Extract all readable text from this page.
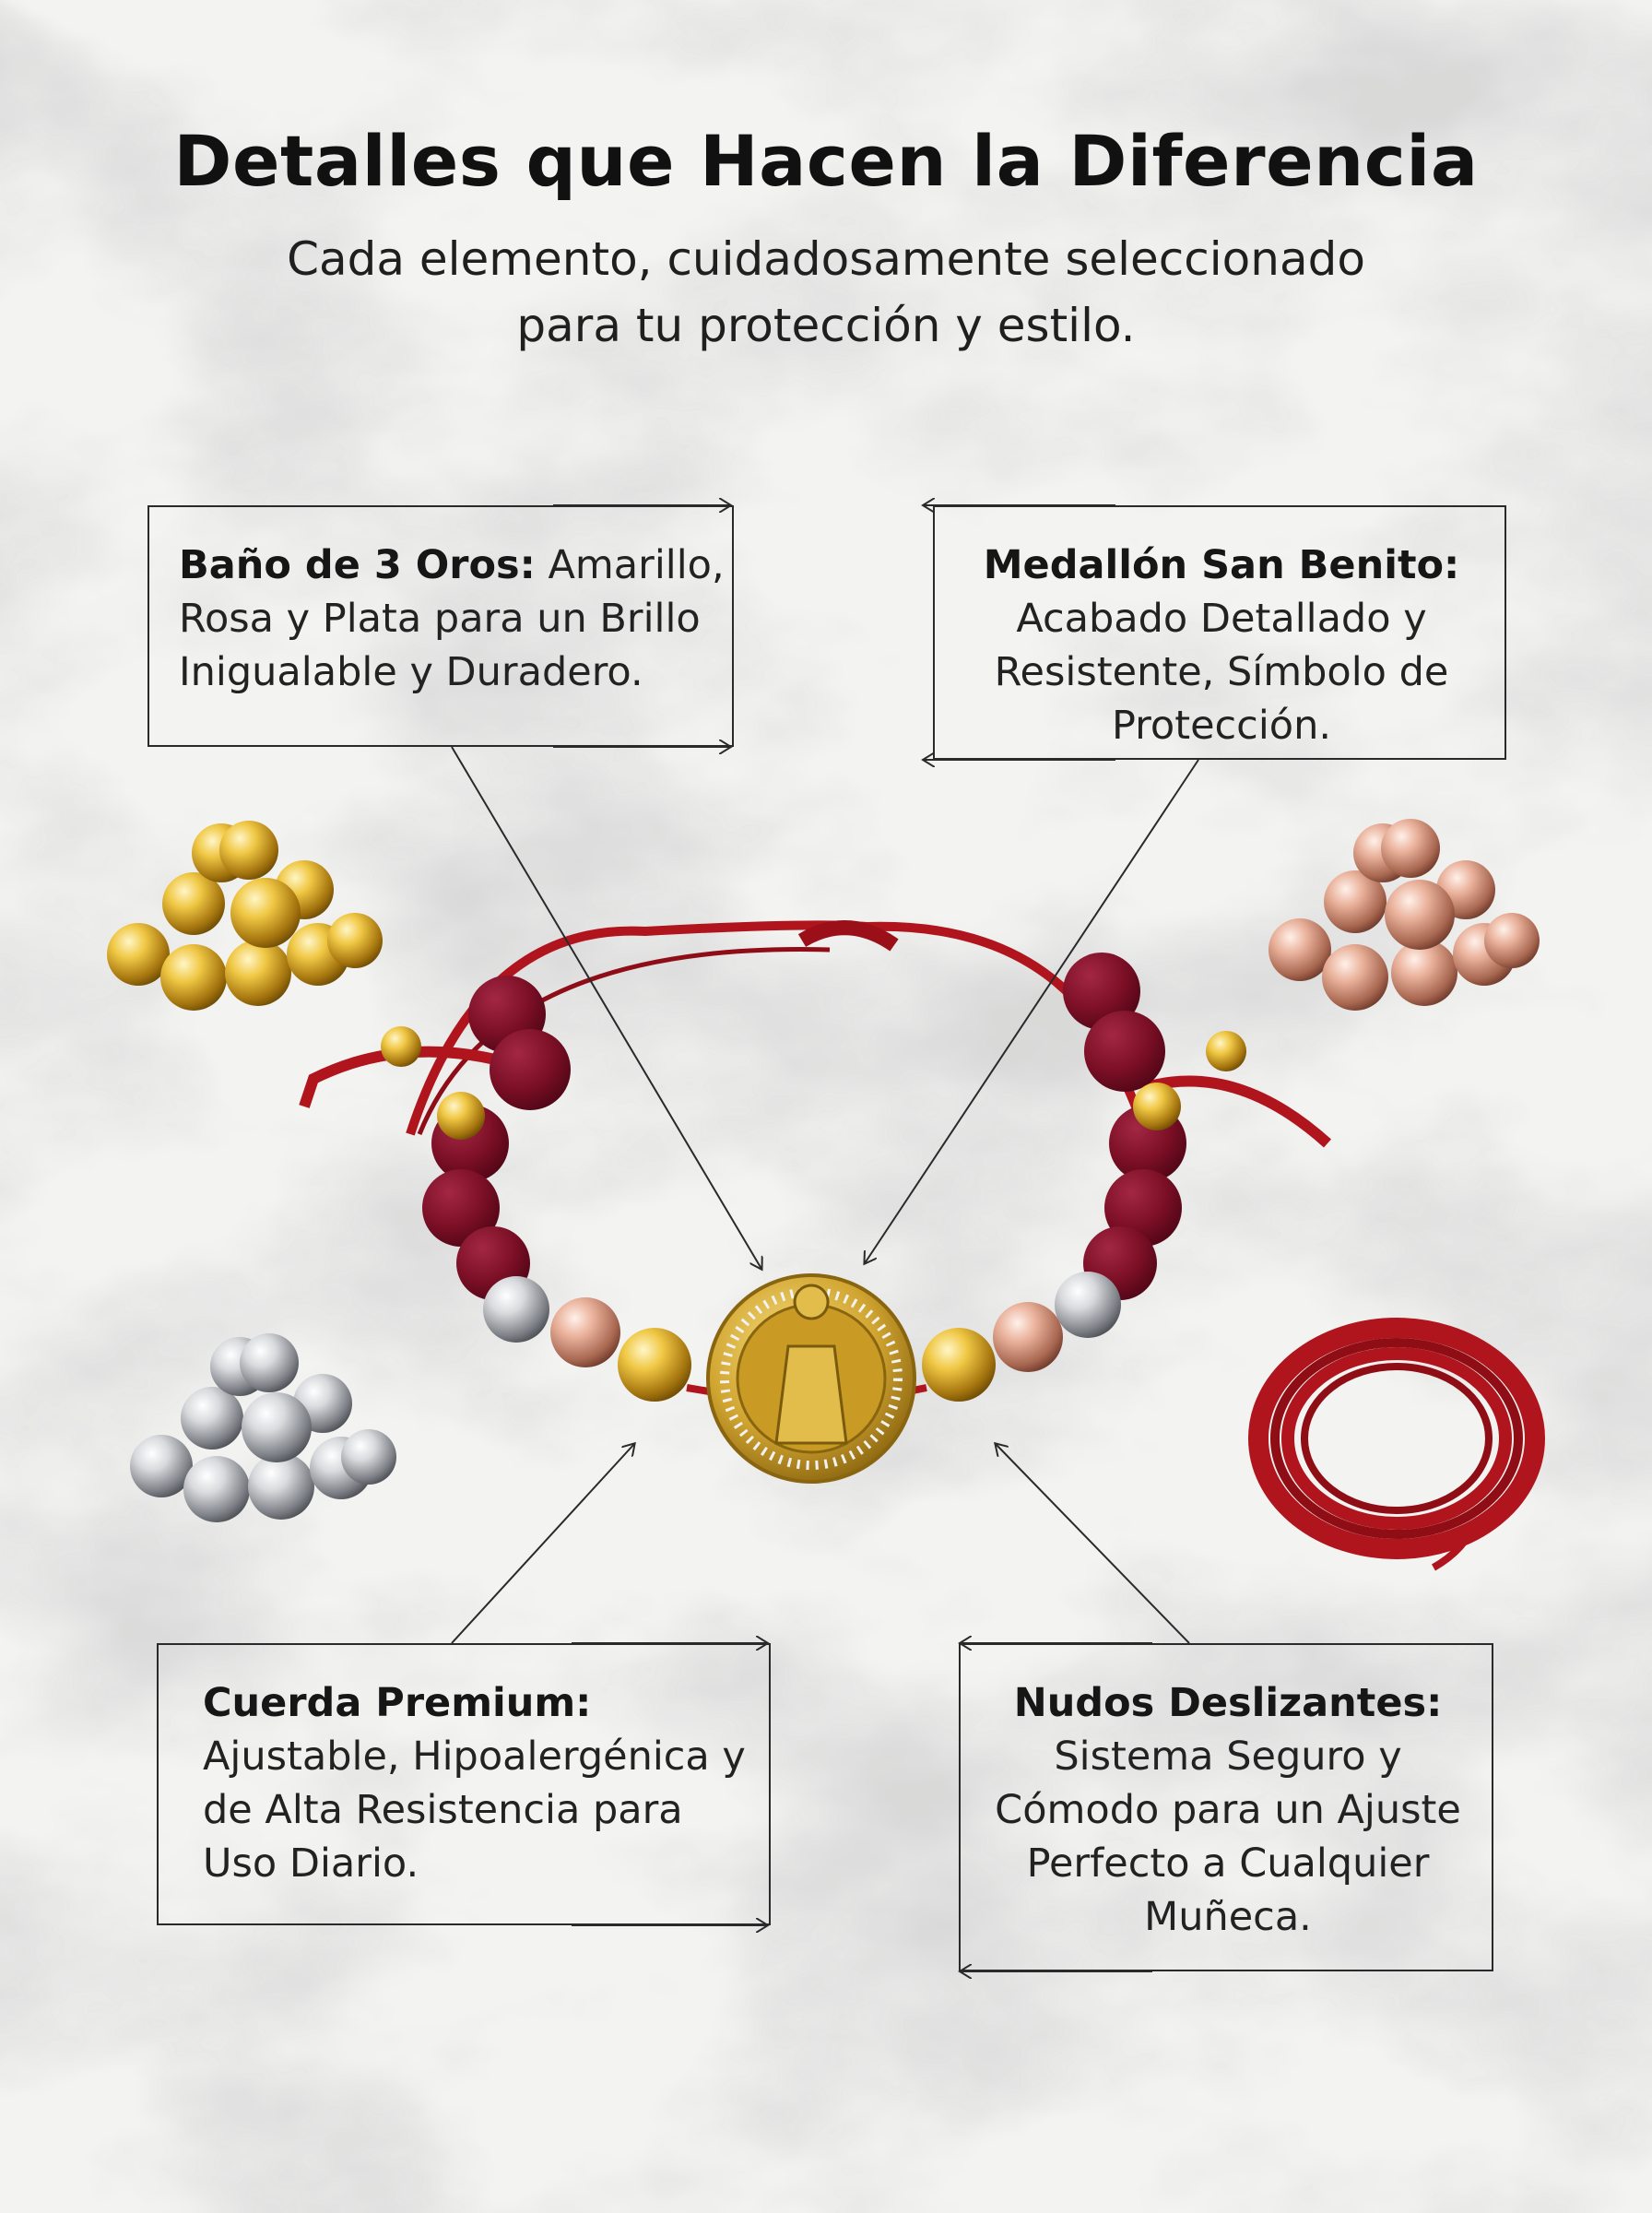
Detalles que Hacen la Diferencia
Cada elemento, cuidadosamente seleccionado
para tu protección y estilo.

Baño de 3 Oros: Amarillo, Rosa y Plata para un Brillo Inigualable y Duradero.

Medallón San Benito:

Acabado Detallado y Resistente, Símbolo de Protección.

Cuerda Premium:

Ajustable, Hipoalergénica y de Alta Resistencia para Uso Diario.

Nudos Deslizantes:

Sistema Seguro y Cómodo para un Ajuste Perfecto a Cualquier Muñeca.
